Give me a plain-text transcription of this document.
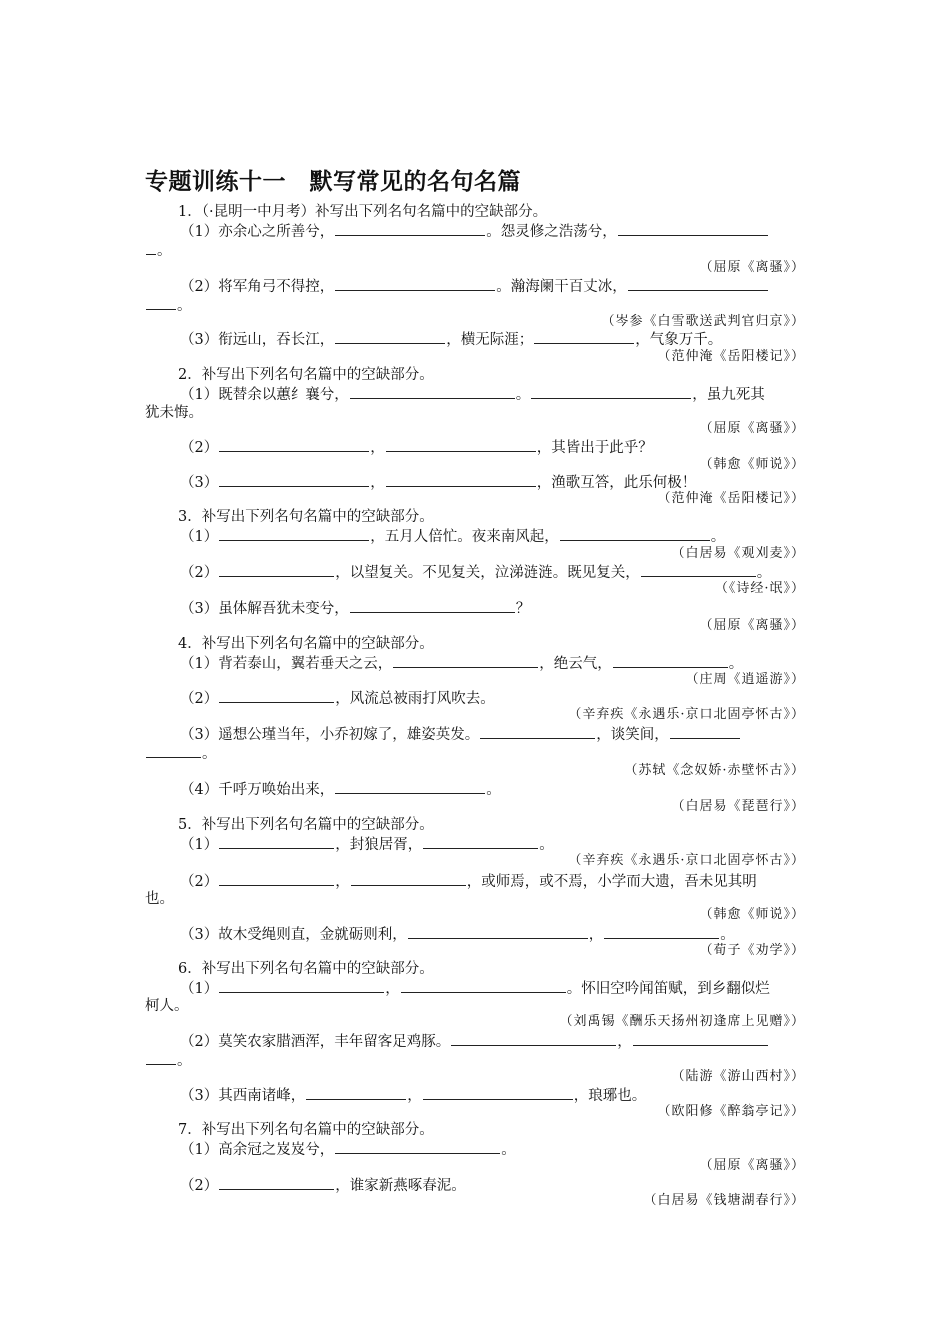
专题训练十一　默写常见的名句名篇
1．（·昆明一中月考）补写出下列名句名篇中的空缺部分。
（1）亦余心之所善兮，	。怨灵修之浩荡兮，
。
（屈原《离骚》）
（2）将军角弓不得控，	。瀚海阑干百丈冰，
。
（岑参《白雪歌送武判官归京》）
（3）衔远山，吞长江，	，横无际涯；	，气象万千。
（范仲淹《岳阳楼记》）
2．补写出下列名句名篇中的空缺部分。
（1）既替余以蕙纟襄兮，	。	，虽九死其
犹未悔。
（屈原《离骚》）
（2）	，	，其皆出于此乎？
（韩愈《师说》）
（3）	，	，渔歌互答，此乐何极！
（范仲淹《岳阳楼记》）
3．补写出下列名句名篇中的空缺部分。
（1）	，五月人倍忙。夜来南风起，	。
（白居易《观刈麦》）
（2）	，以望复关。不见复关，泣涕涟涟。既见复关，	。
（《诗经·氓》）
（3）虽体解吾犹未变兮，	？
（屈原《离骚》）
4．补写出下列名句名篇中的空缺部分。
（1）背若泰山，翼若垂天之云，	，绝云气，	。
（庄周《逍遥游》）
（2）	，风流总被雨打风吹去。
（辛弃疾《永遇乐·京口北固亭怀古》）
（3）遥想公瑾当年，小乔初嫁了，雄姿英发。	，谈笑间，
。
（苏轼《念奴娇·赤壁怀古》）
（4）千呼万唤始出来，	。
（白居易《琵琶行》）
5．补写出下列名句名篇中的空缺部分。
（1）	，封狼居胥，	。
（辛弃疾《永遇乐·京口北固亭怀古》）
（2）	，	，或师焉，或不焉，小学而大遗，吾未见其明
也。
（韩愈《师说》）
（3）故木受绳则直，金就砺则利，	，	。
（荀子《劝学》）
6．补写出下列名句名篇中的空缺部分。
（1）	，	。怀旧空吟闻笛赋，到乡翻似烂
柯人。
（刘禹锡《酬乐天扬州初逢席上见赠》）
（2）莫笑农家腊酒浑，丰年留客足鸡豚。	，
。
（陆游《游山西村》）
（3）其西南诸峰，	，	，琅琊也。
（欧阳修《醉翁亭记》）
7．补写出下列名句名篇中的空缺部分。
（1）高余冠之岌岌兮，	。
（屈原《离骚》）
（2）	，谁家新燕啄春泥。
（白居易《钱塘湖春行》）
